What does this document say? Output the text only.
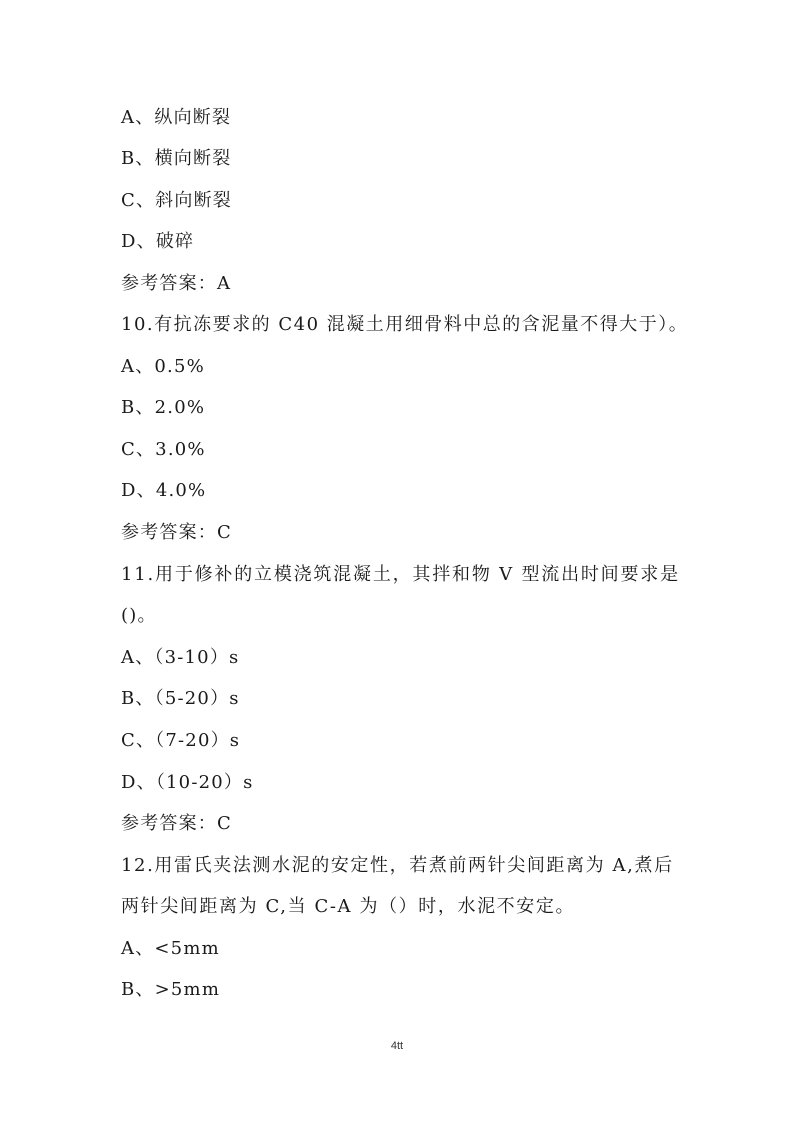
A、纵向断裂
B、横向断裂
C、斜向断裂
D、破碎
参考答案：A
10.有抗冻要求的 C40 混凝土用细骨料中总的含泥量不得大于）。
A、0.5%
B、2.0%
C、3.0%
D、4.0%
参考答案：C
11.用于修补的立模浇筑混凝土，其拌和物 V 型流出时间要求是
()。
A、（3-10）s
B、（5-20）s
C、（7-20）s
D、（10-20）s
参考答案：C
12.用雷氏夹法测水泥的安定性，若煮前两针尖间距离为 A,煮后
两针尖间距离为 C,当 C-A 为（）时，水泥不安定。
A、<5mm
B、>5mm
4tt
